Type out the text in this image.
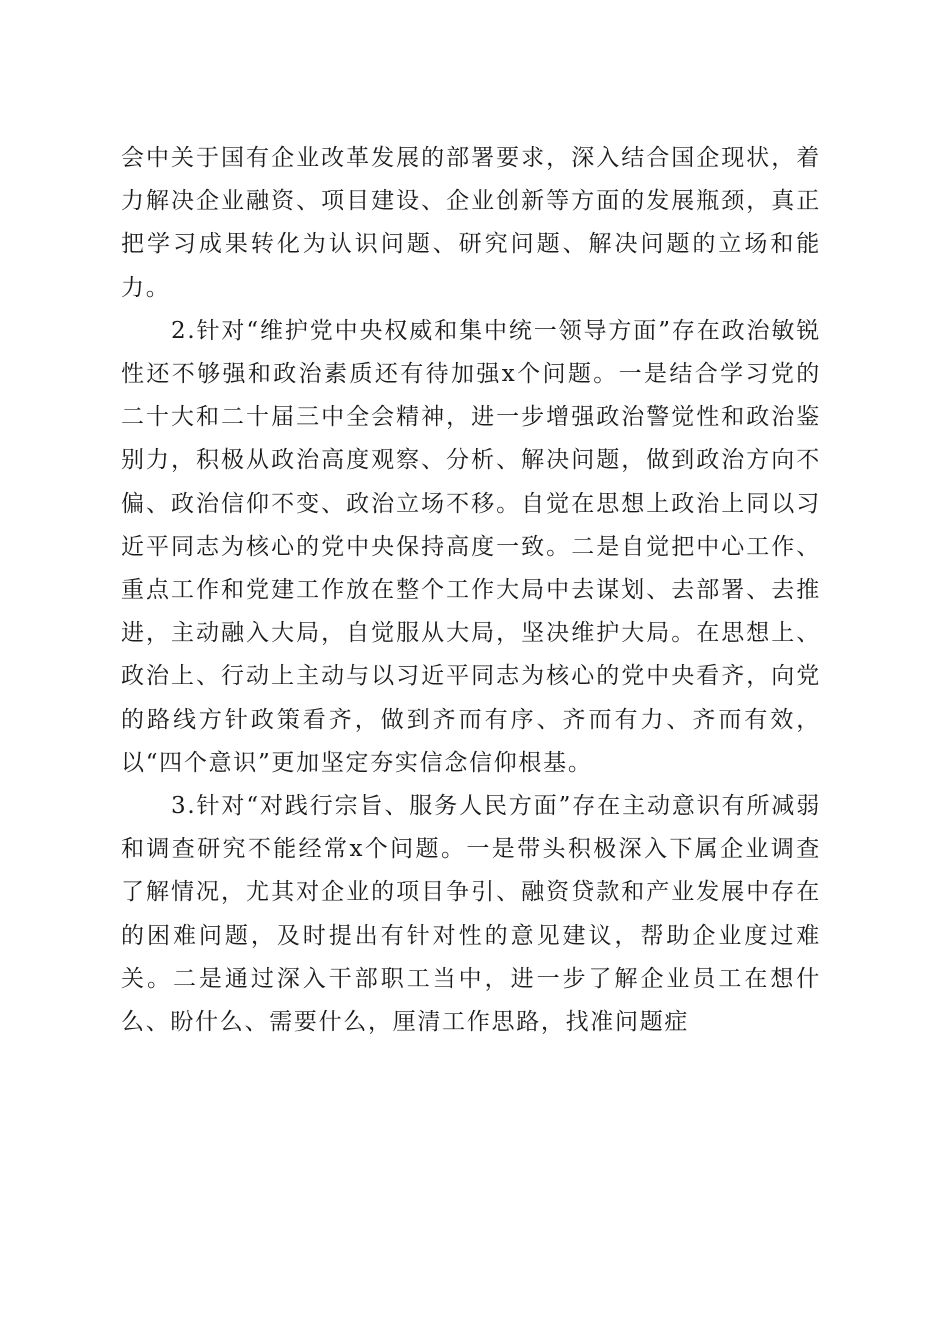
会中关于国有企业改革发展的部署要求，深入结合国企现状，着力解决企业融资、项目建设、企业创新等方面的发展瓶颈，真正把学习成果转化为认识问题、研究问题、解决问题的立场和能力。

2.针对“维护党中央权威和集中统一领导方面”存在政治敏锐性还不够强和政治素质还有待加强x个问题。一是结合学习党的二十大和二十届三中全会精神，进一步增强政治警觉性和政治鉴别力，积极从政治高度观察、分析、解决问题，做到政治方向不偏、政治信仰不变、政治立场不移。自觉在思想上政治上同以习近平同志为核心的党中央保持高度一致。二是自觉把中心工作、重点工作和党建工作放在整个工作大局中去谋划、去部署、去推进，主动融入大局，自觉服从大局，坚决维护大局。在思想上、政治上、行动上主动与以习近平同志为核心的党中央看齐，向党的路线方针政策看齐，做到齐而有序、齐而有力、齐而有效，以“四个意识”更加坚定夯实信念信仰根基。

3.针对“对践行宗旨、服务人民方面”存在主动意识有所减弱和调查研究不能经常x个问题。一是带头积极深入下属企业调查了解情况，尤其对企业的项目争引、融资贷款和产业发展中存在的困难问题，及时提出有针对性的意见建议，帮助企业度过难关。二是通过深入干部职工当中，进一步了解企业员工在想什么、盼什么、需要什么，厘清工作思路，找准问题症
